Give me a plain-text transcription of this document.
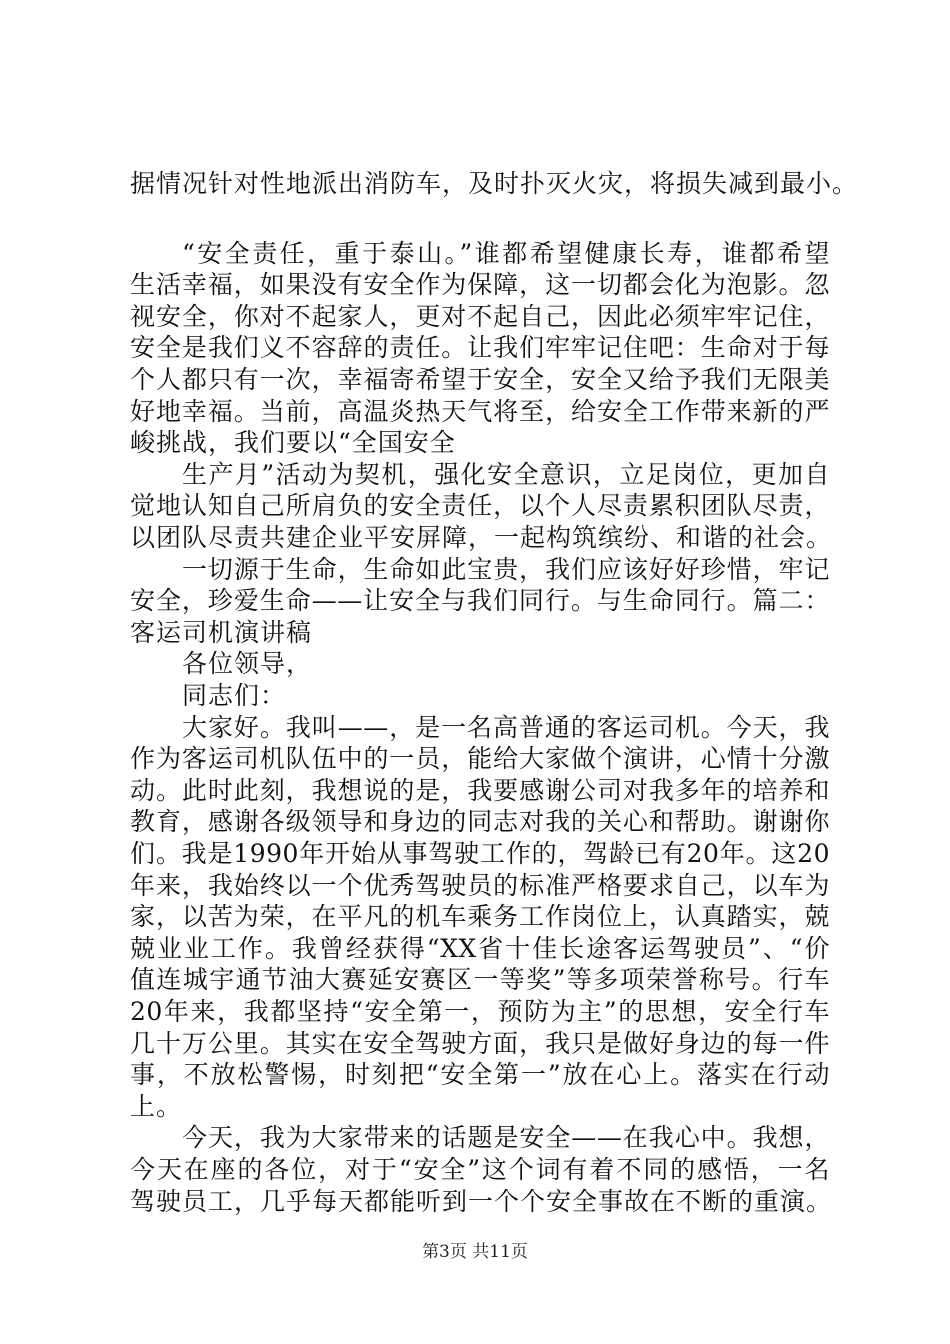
据情况针对性地派出消防车，及时扑灭火灾，将损失减到最小。
“安全责任，重于泰山。”谁都希望健康长寿，谁都希望
生活幸福，如果没有安全作为保障，这一切都会化为泡影。忽
视安全，你对不起家人，更对不起自己，因此必须牢牢记住，
安全是我们义不容辞的责任。让我们牢牢记住吧：生命对于每
个人都只有一次，幸福寄希望于安全，安全又给予我们无限美
好地幸福。当前，高温炎热天气将至，给安全工作带来新的严
峻挑战，我们要以“全国安全
生产月”活动为契机，强化安全意识，立足岗位，更加自
觉地认知自己所肩负的安全责任，以个人尽责累积团队尽责，
以团队尽责共建企业平安屏障，一起构筑缤纷、和谐的社会。
一切源于生命，生命如此宝贵，我们应该好好珍惜，牢记
安全，珍爱生命——让安全与我们同行。与生命同行。篇二：
客运司机演讲稿
各位领导，
同志们：
大家好。我叫——，是一名高普通的客运司机。今天，我
作为客运司机队伍中的一员，能给大家做个演讲，心情十分激
动。此时此刻，我想说的是，我要感谢公司对我多年的培养和
教育，感谢各级领导和身边的同志对我的关心和帮助。谢谢你
们。我是1990年开始从事驾驶工作的，驾龄已有20年。这20
年来，我始终以一个优秀驾驶员的标准严格要求自己，以车为
家，以苦为荣，在平凡的机车乘务工作岗位上，认真踏实，兢
兢业业工作。我曾经获得“XX省十佳长途客运驾驶员”、“价
值连城宇通节油大赛延安赛区一等奖”等多项荣誉称号。行车
20年来，我都坚持“安全第一，预防为主”的思想，安全行车
几十万公里。其实在安全驾驶方面，我只是做好身边的每一件
事，不放松警惕，时刻把“安全第一”放在心上。落实在行动
上。
今天，我为大家带来的话题是安全——在我心中。我想，
今天在座的各位，对于“安全”这个词有着不同的感悟，一名
驾驶员工，几乎每天都能听到一个个安全事故在不断的重演。
第3页 共11页
